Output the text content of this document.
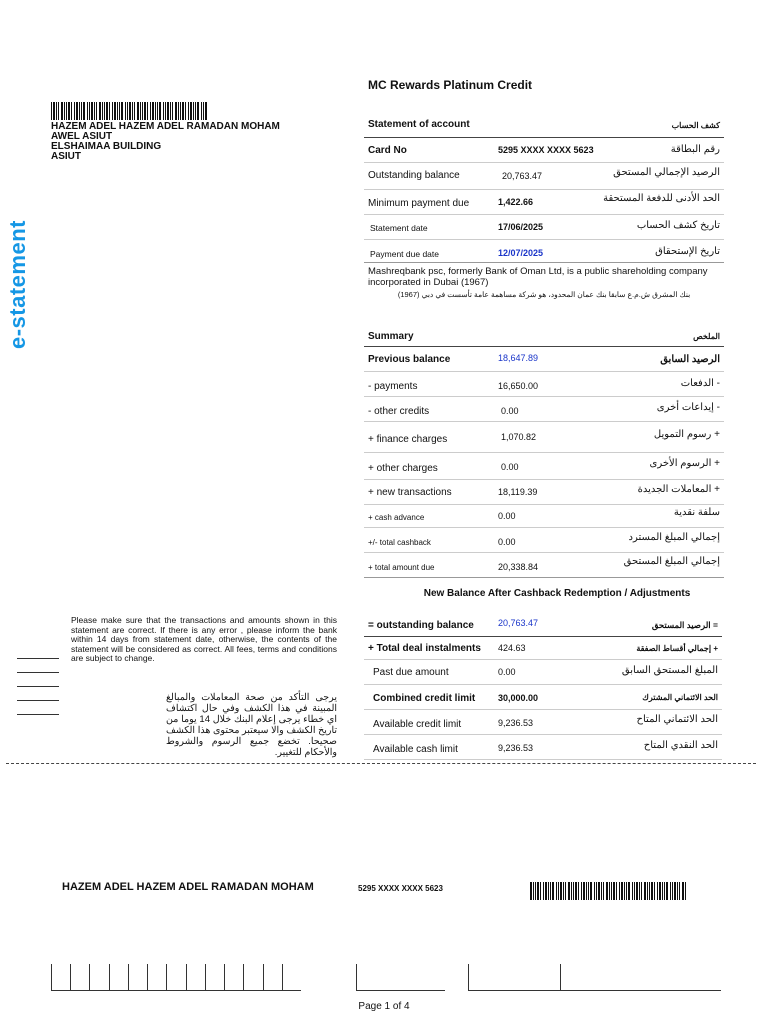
e-statement
HAZEM ADEL HAZEM ADEL RAMADAN MOHAM
AWEL ASIUT
ELSHAIMAA BUILDING
ASIUT
MC Rewards Platinum Credit
Statement of account	كشف الحساب
Card No	5295 XXXX XXXX 5623	رقم البطاقة
Outstanding balance	20,763.47	الرصيد الإجمالي المستحق
Minimum payment due	1,422.66	الحد الأدنى للدفعة المستحقة
Statement date	17/06/2025	تاريخ كشف الحساب
Payment due date	12/07/2025	تاريخ الإستحقاق
Mashreqbank psc, formerly Bank of Oman Ltd, is a public shareholding company incorporated in Dubai (1967)
بنك المشرق ش.م.ع سابقا بنك عمان المحدود، هو شركة مساهمة عامة تأسست في دبي (1967)
Summary	الملخص
Previous balance	18,647.89	الرصيد السابق
- payments	16,650.00	- الدفعات
- other credits	0.00	- إيداعات أخرى
+ finance charges	1,070.82	+ رسوم التمويل
+ other charges	0.00	+ الرسوم الأخرى
+ new transactions	18,119.39	+ المعاملات الجديدة
+ cash advance	0.00	سلفة نقدية
+/- total cashback	0.00	إجمالي المبلغ المسترد
+ total amount due	20,338.84	إجمالي المبلغ المستحق
New Balance After Cashback Redemption / Adjustments
= outstanding balance	20,763.47	= الرصيد المستحق
+ Total deal instalments 424.63	+ إجمالي أقساط الصفقة
Past due amount	0.00	المبلغ المستحق السابق
Combined credit limit	30,000.00	الحد الائتماني المشترك
Available credit limit	9,236.53	الحد الائتماني المتاح
Available cash limit	9,236.53	الحد النقدي المتاح
Please make sure that the transactions and amounts shown in this statement are correct. If there is any error , please inform the bank within 14 days from statement date, otherwise, the contents of the statement will be considered as correct. All fees, terms and conditions are subject to change.
يرجى التأكد من صحة المعاملات والمبالغ المبينة في هذا الكشف وفي حال اكتشاف اي خطاء يرجى إعلام البنك خلال 14 يوما من تاريخ الكشف والا سيعتبر محتوى هذا الكشف صحيحا. تخضع جميع الرسوم والشروط والأحكام للتغيير.
HAZEM ADEL HAZEM ADEL RAMADAN MOHAM	5295 XXXX XXXX 5623
Page 1 of 4
